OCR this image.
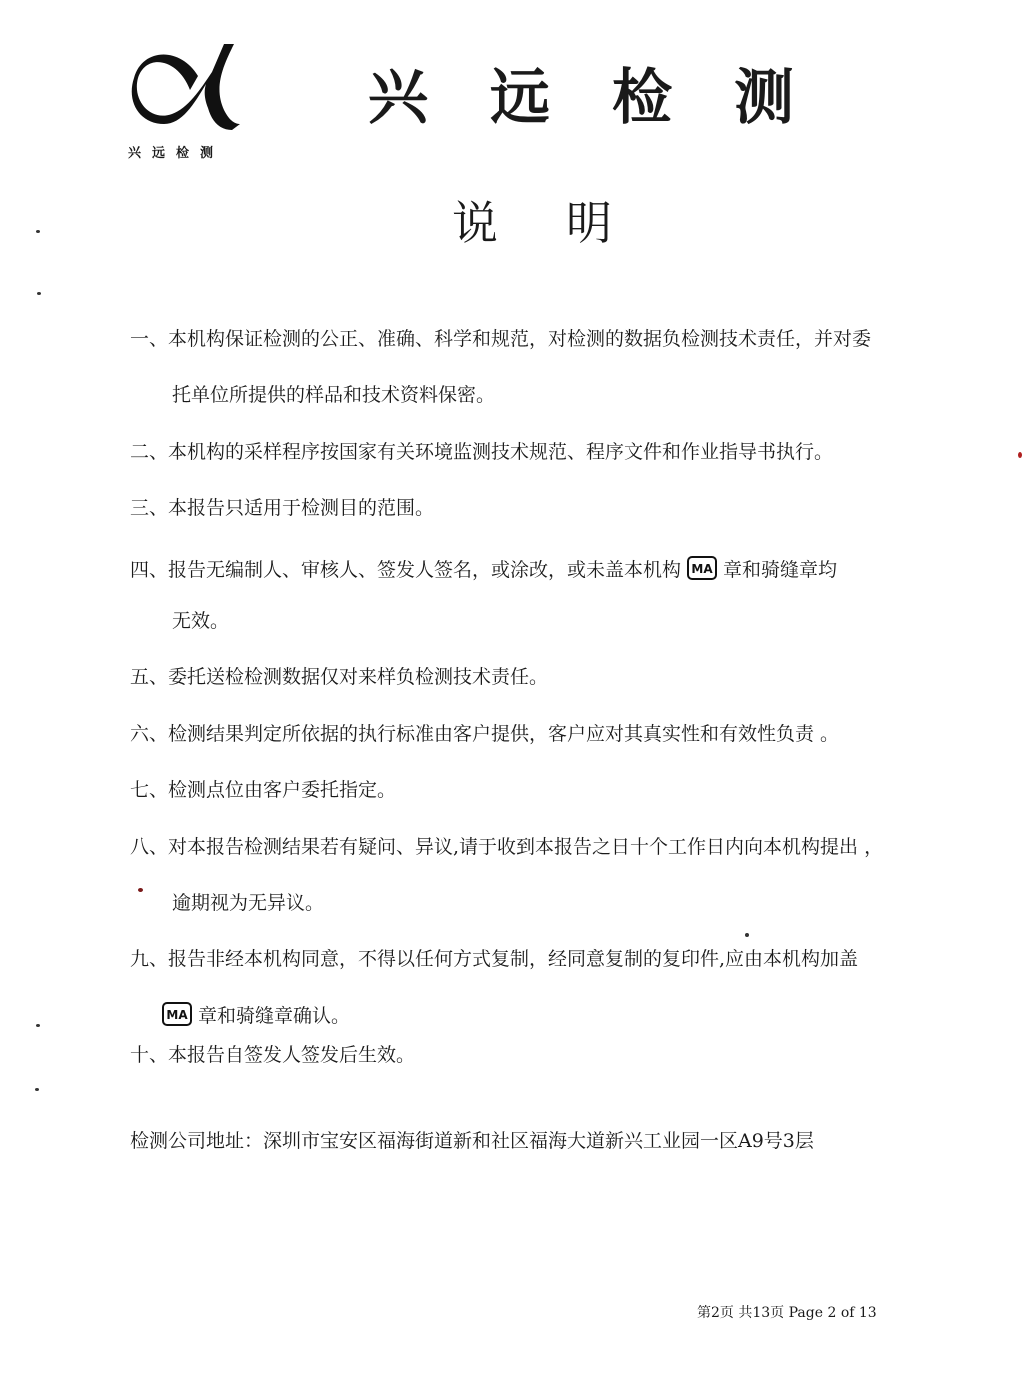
兴远检测
兴远检测
说明
一、本机构保证检测的公正、准确、科学和规范，对检测的数据负检测技术责任，并对委
托单位所提供的样品和技术资料保密。
二、本机构的采样程序按国家有关环境监测技术规范、程序文件和作业指导书执行。
三、本报告只适用于检测目的范围。
四、报告无编制人、审核人、签发人签名，或涂改，或未盖本机构 MA 章和骑缝章均
无效。
五、委托送检检测数据仅对来样负检测技术责任。
六、检测结果判定所依据的执行标准由客户提供，客户应对其真实性和有效性负责 。
七、检测点位由客户委托指定。
八、对本报告检测结果若有疑问、异议,请于收到本报告之日十个工作日内向本机构提出 ，
逾期视为无异议。
九、报告非经本机构同意，不得以任何方式复制，经同意复制的复印件,应由本机构加盖
MA 章和骑缝章确认。
十、本报告自签发人签发后生效。
检测公司地址：深圳市宝安区福海街道新和社区福海大道新兴工业园一区A9号3层
第2页 共13页 Page 2 of 13
